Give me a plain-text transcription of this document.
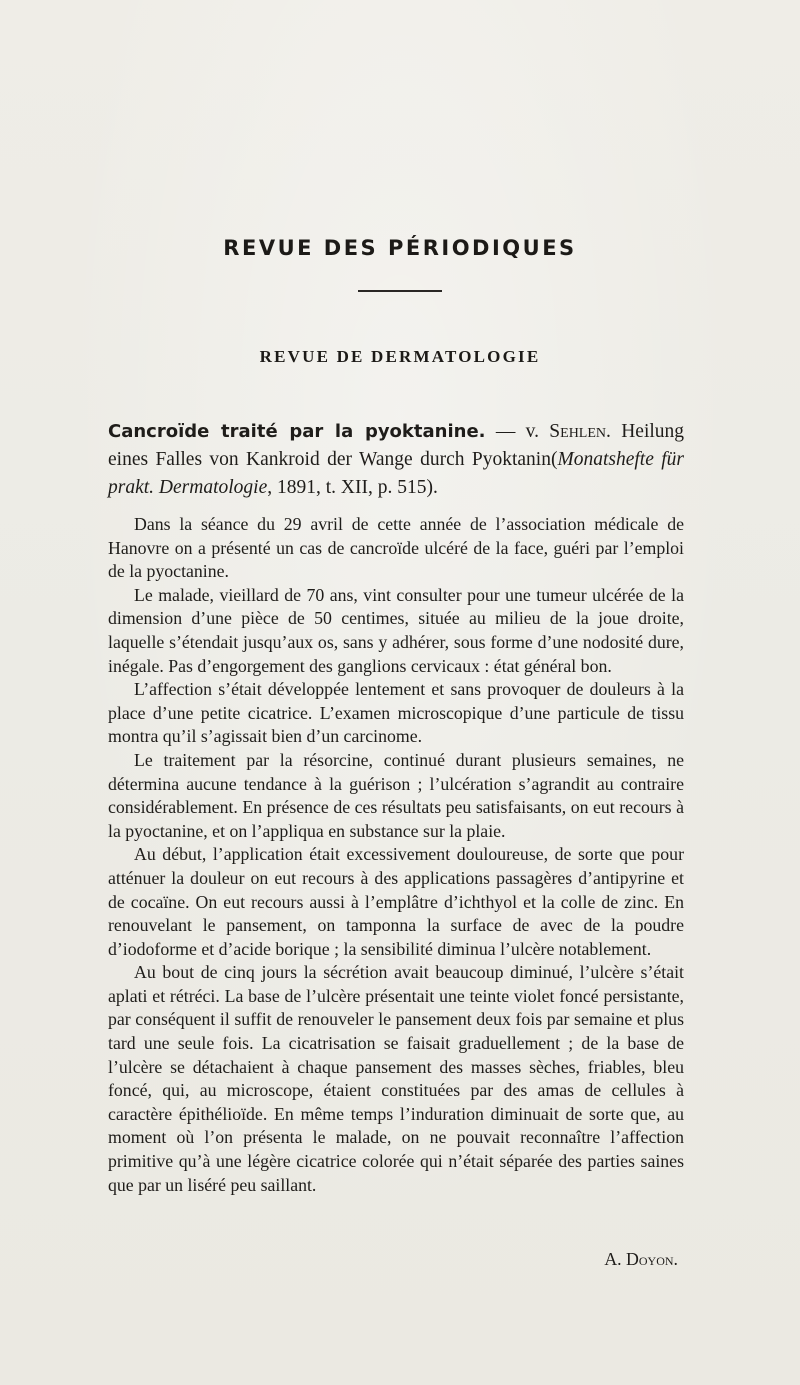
REVUE DES PÉRIODIQUES
REVUE DE DERMATOLOGIE
Cancroïde traité par la pyoktanine. — v. Sehlen. Heilung eines Falles von Kankroid der Wange durch Pyoktanin(Monatshefte für prakt. Dermatologie, 1891, t. XII, p. 515).

Dans la séance du 29 avril de cette année de l’association médicale de Hanovre on a présenté un cas de cancroïde ulcéré de la face, guéri par l’emploi de la pyoctanine.

Le malade, vieillard de 70 ans, vint consulter pour une tumeur ulcérée de la dimension d’une pièce de 50 centimes, située au milieu de la joue droite, laquelle s’étendait jusqu’aux os, sans y adhérer, sous forme d’une nodosité dure, inégale. Pas d’engorgement des ganglions cervicaux : état général bon.

L’affection s’était développée lentement et sans provoquer de douleurs à la place d’une petite cicatrice. L’examen microscopique d’une particule de tissu montra qu’il s’agissait bien d’un carcinome.

Le traitement par la résorcine, continué durant plusieurs semaines, ne détermina aucune tendance à la guérison ; l’ulcération s’agrandit au contraire considérablement. En présence de ces résultats peu satisfaisants, on eut recours à la pyoctanine, et on l’appliqua en substance sur la plaie.

Au début, l’application était excessivement douloureuse, de sorte que pour atténuer la douleur on eut recours à des applications passagères d’antipyrine et de cocaïne. On eut recours aussi à l’emplâtre d’ichthyol et la colle de zinc. En renouvelant le pansement, on tamponna la surface de avec de la poudre d’iodoforme et d’acide borique ; la sensibilité diminua l’ulcère notablement.

Au bout de cinq jours la sécrétion avait beaucoup diminué, l’ulcère s’était aplati et rétréci. La base de l’ulcère présentait une teinte violet foncé persistante, par conséquent il suffit de renouveler le pansement deux fois par semaine et plus tard une seule fois. La cicatrisation se faisait graduellement ; de la base de l’ulcère se détachaient à chaque pansement des masses sèches, friables, bleu foncé, qui, au microscope, étaient constituées par des amas de cellules à caractère épithélioïde. En même temps l’induration diminuait de sorte que, au moment où l’on présenta le malade, on ne pouvait reconnaître l’affection primitive qu’à une légère cicatrice colorée qui n’était séparée des parties saines que par un liséré peu saillant.

A. Doyon.
